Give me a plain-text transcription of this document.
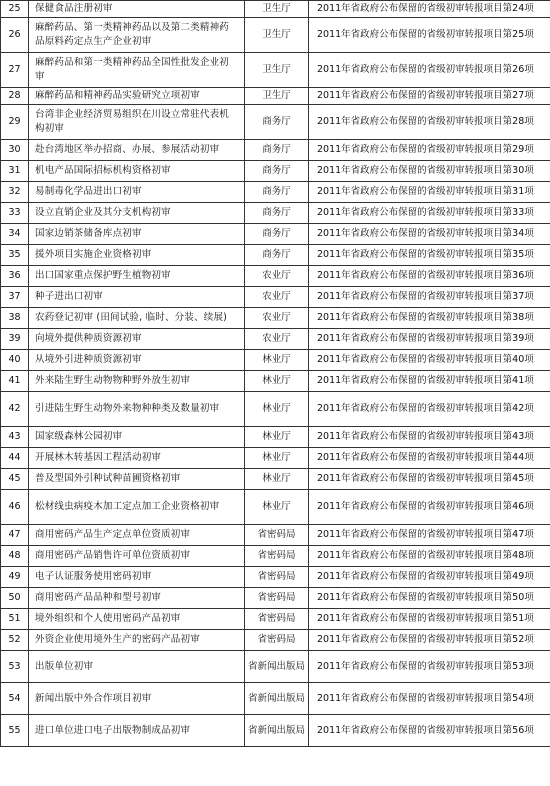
25	保健食品注册初审	卫生厅	2011年省政府公布保留的省级初审转报项目第24项
26	麻醉药品、第一类精神药品以及第二类精神药品原料药定点生产企业初审	卫生厅	2011年省政府公布保留的省级初审转报项目第25项
27	麻醉药品和第一类精神药品全国性批发企业初审	卫生厅	2011年省政府公布保留的省级初审转报项目第26项
28	麻醉药品和精神药品实验研究立项初审	卫生厅	2011年省政府公布保留的省级初审转报项目第27项
29	台湾非企业经济贸易组织在川设立常驻代表机构初审	商务厅	2011年省政府公布保留的省级初审转报项目第28项
30	赴台湾地区举办招商、办展、参展活动初审	商务厅	2011年省政府公布保留的省级初审转报项目第29项
31	机电产品国际招标机构资格初审	商务厅	2011年省政府公布保留的省级初审转报项目第30项
32	易制毒化学品进出口初审	商务厅	2011年省政府公布保留的省级初审转报项目第31项
33	设立直销企业及其分支机构初审	商务厅	2011年省政府公布保留的省级初审转报项目第33项
34	国家边销茶储备库点初审	商务厅	2011年省政府公布保留的省级初审转报项目第34项
35	援外项目实施企业资格初审	商务厅	2011年省政府公布保留的省级初审转报项目第35项
36	出口国家重点保护野生植物初审	农业厅	2011年省政府公布保留的省级初审转报项目第36项
37	种子进出口初审	农业厅	2011年省政府公布保留的省级初审转报项目第37项
38	农药登记初审 (田间试验, 临时、分装、续展)	农业厅	2011年省政府公布保留的省级初审转报项目第38项
39	向境外提供种质资源初审	农业厅	2011年省政府公布保留的省级初审转报项目第39项
40	从境外引进种质资源初审	林业厅	2011年省政府公布保留的省级初审转报项目第40项
41	外来陆生野生动物物种野外放生初审	林业厅	2011年省政府公布保留的省级初审转报项目第41项
42	引进陆生野生动物外来物种种类及数量初审	林业厅	2011年省政府公布保留的省级初审转报项目第42项
43	国家级森林公园初审	林业厅	2011年省政府公布保留的省级初审转报项目第43项
44	开展林木转基因工程活动初审	林业厅	2011年省政府公布保留的省级初审转报项目第44项
45	普及型国外引种试种苗圃资格初审	林业厅	2011年省政府公布保留的省级初审转报项目第45项
46	松材线虫病疫木加工定点加工企业资格初审	林业厅	2011年省政府公布保留的省级初审转报项目第46项
47	商用密码产品生产定点单位资质初审	省密码局	2011年省政府公布保留的省级初审转报项目第47项
48	商用密码产品销售许可单位资质初审	省密码局	2011年省政府公布保留的省级初审转报项目第48项
49	电子认证服务使用密码初审	省密码局	2011年省政府公布保留的省级初审转报项目第49项
50	商用密码产品品种和型号初审	省密码局	2011年省政府公布保留的省级初审转报项目第50项
51	境外组织和个人使用密码产品初审	省密码局	2011年省政府公布保留的省级初审转报项目第51项
52	外资企业使用境外生产的密码产品初审	省密码局	2011年省政府公布保留的省级初审转报项目第52项
53	出版单位初审	省新闻出版局	2011年省政府公布保留的省级初审转报项目第53项
54	新闻出版中外合作项目初审	省新闻出版局	2011年省政府公布保留的省级初审转报项目第54项
55	进口单位进口电子出版物制成品初审	省新闻出版局	2011年省政府公布保留的省级初审转报项目第56项
